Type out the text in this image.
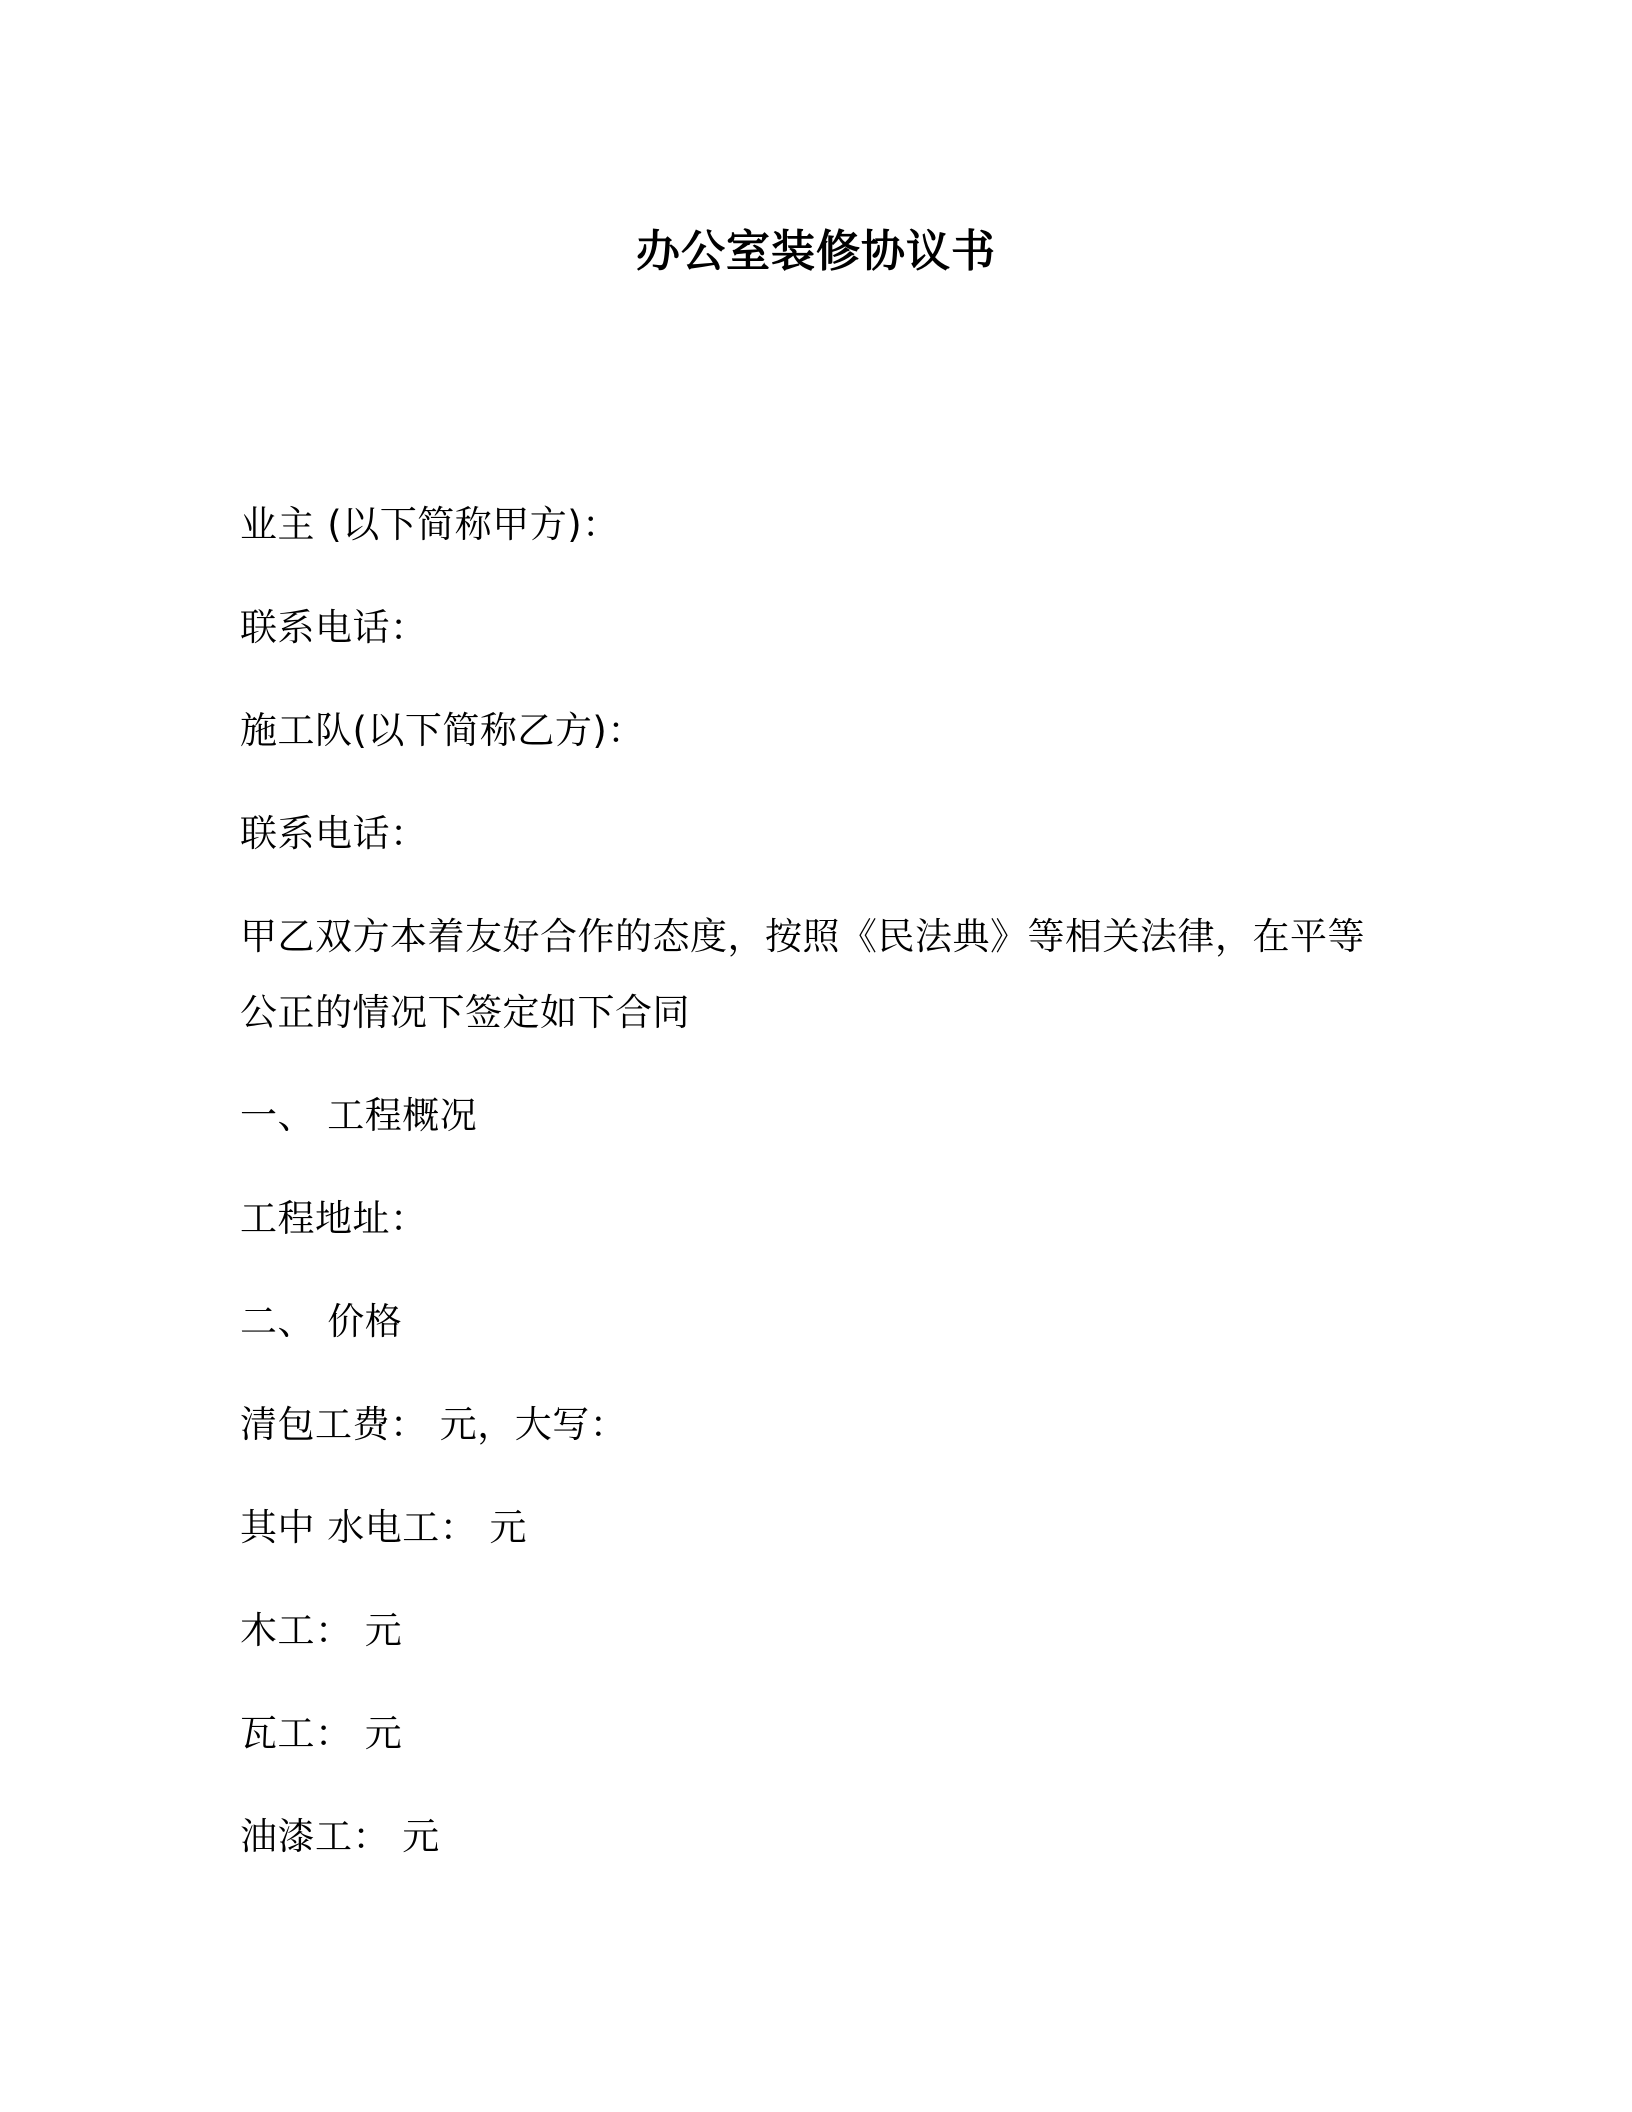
办公室装修协议书
业主 (以下简称甲方)：
联系电话：
施工队(以下简称乙方)：
联系电话：
甲乙双方本着友好合作的态度，按照《民法典》等相关法律，在平等公正的情况下签定如下合同
一、 工程概况
工程地址：
二、 价格
清包工费： 元，大写：
其中 水电工： 元
木工： 元
瓦工： 元
油漆工： 元
